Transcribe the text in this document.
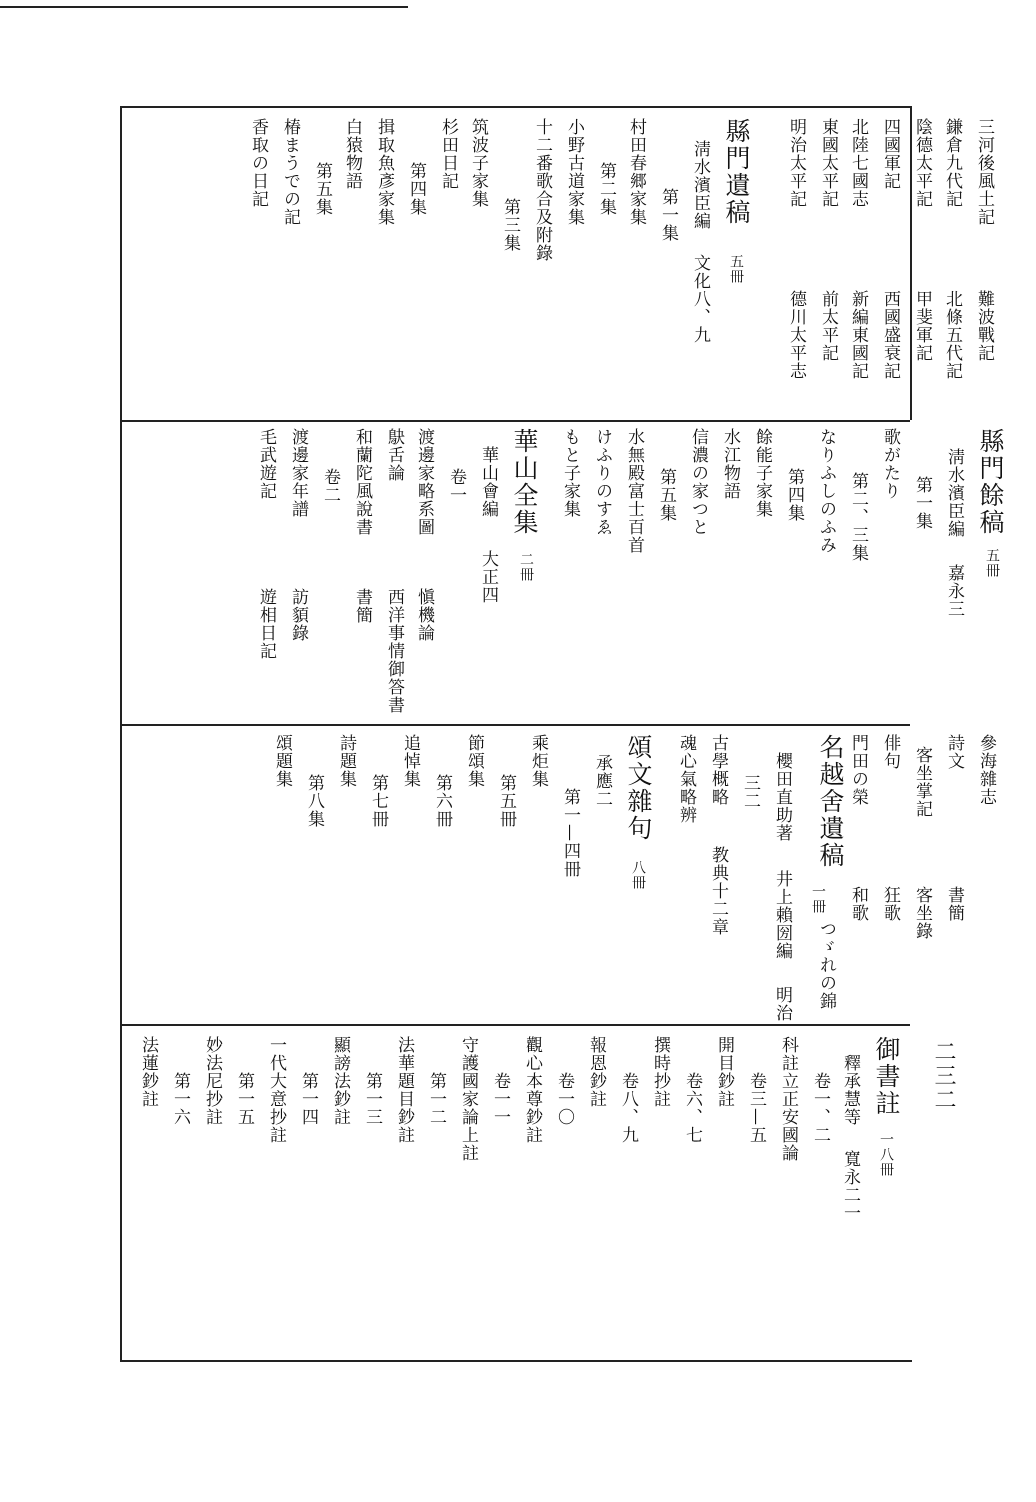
二三二
三河後風土記
難波戰記
鎌倉九代記
北條五代記
陰德太平記
甲斐軍記
四國軍記
西國盛衰記
北陸七國志
新編東國記
東國太平記
前太平記
明治太平記
德川太平志
縣門遺稿
五冊
淸水濱臣編
文化八、九
第一集
村田春郷家集
第二集
小野古道家集
十二番歌合及附錄
第三集
筑波子家集
杉田日記
第四集
揖取魚彥家集
白猿物語
第五集
椿まうでの記
香取の日記
縣門餘稿
五冊
淸水濱臣編
嘉永三
第一集
歌がたり
第二、三集
なりふしのふみ
第四集
餘能子家集
水江物語
信濃の家つと
第五集
水無殿富士百首
けふりのすゑ
もと子家集
華山全集
二冊
華山會編
大正四
卷一
渡邊家略系圖
愼機論
鴃舌論
西洋事情御答書
和蘭陀風說書
書簡
卷二
渡邊家年譜
訪䫉錄
毛武遊記
遊相日記
參海雜志
詩文
書簡
客坐掌記
客坐錄
俳句
狂歌
門田の榮
和歌
名越舍遺稿
つゞれの錦
一冊
櫻田直助著
井上賴圀編
明治
三二
古學概略
教典十二章
魂心氣略辨
頌文雜句
八冊
承應二
第一—四冊
乘炬集
第五冊
節頌集
第六冊
追悼集
第七冊
詩題集
第八集
頌題集
御書註
一八冊
釋承慧等
寬永二一
卷一、二
科註立正安國論
卷三—五
開目鈔註
卷六、七
撰時抄註
卷八、九
報恩鈔註
卷一〇
觀心本尊鈔註
卷一一
守護國家論上註
第一二
法華題目鈔註
第一三
顯謗法鈔註
第一四
一代大意抄註
第一五
妙法尼抄註
第一六
法蓮鈔註
